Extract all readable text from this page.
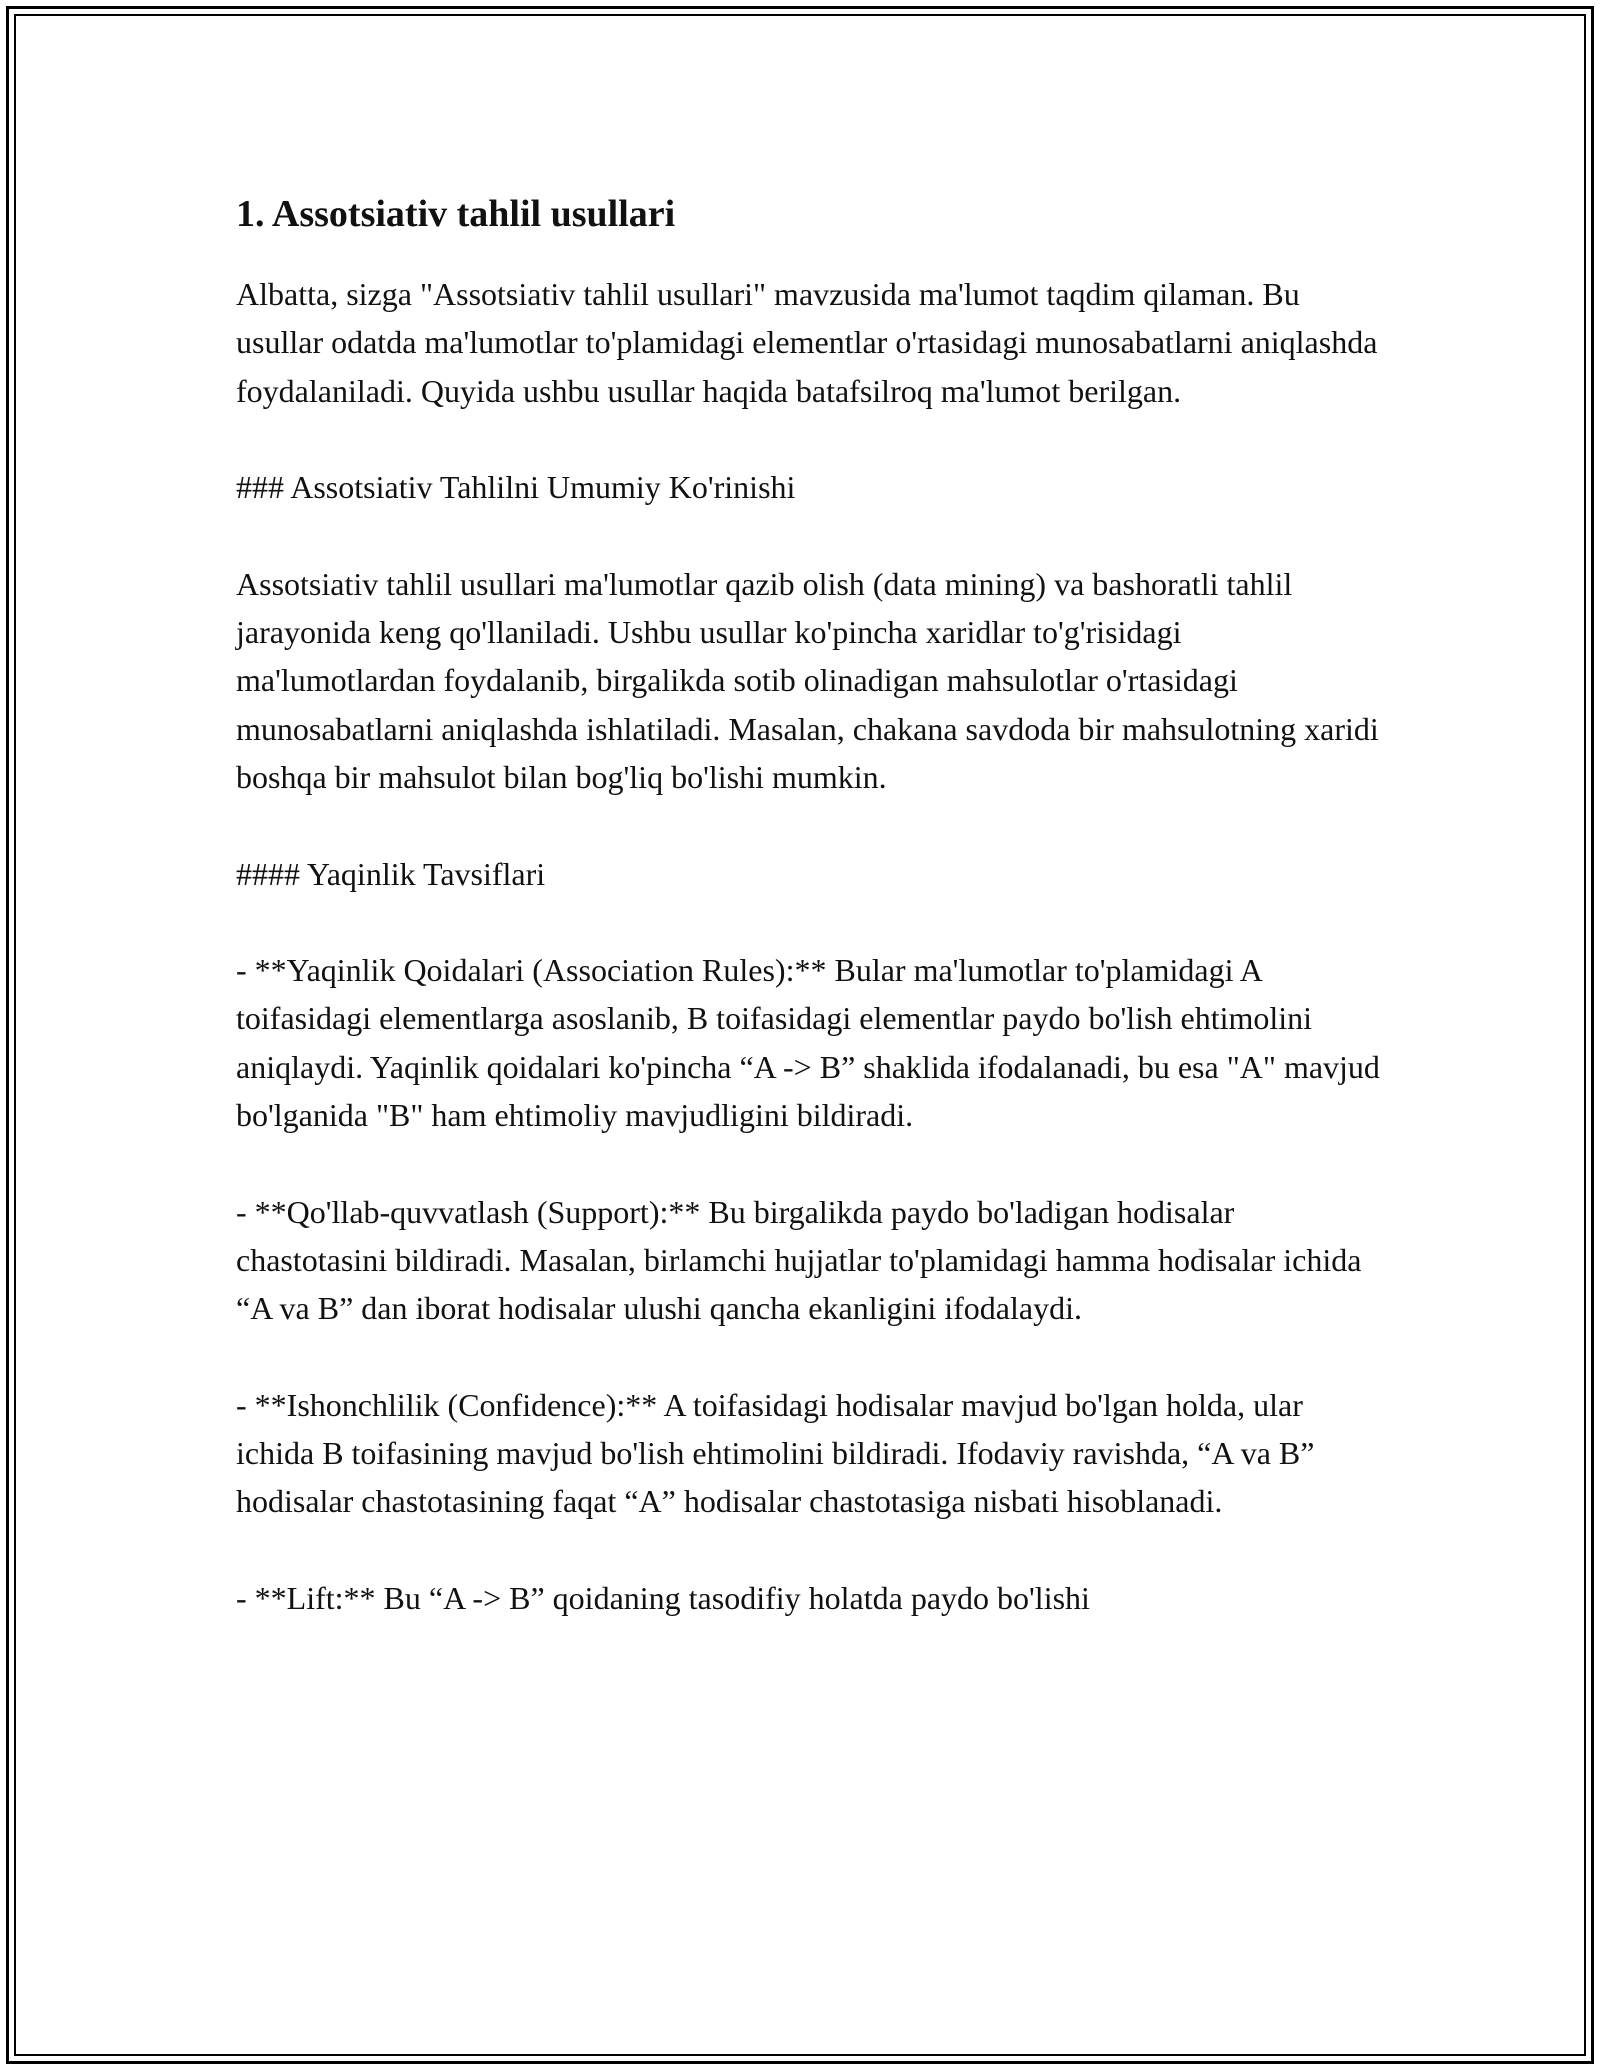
1. Assotsiativ tahlil usullari

Albatta, sizga "Assotsiativ tahlil usullari" mavzusida ma'lumot taqdim qilaman. Bu usullar odatda ma'lumotlar to'plamidagi elementlar o'rtasidagi munosabatlarni aniqlashda foydalaniladi. Quyida ushbu usullar haqida batafsilroq ma'lumot berilgan.

### Assotsiativ Tahlilni Umumiy Ko'rinishi

Assotsiativ tahlil usullari ma'lumotlar qazib olish (data mining) va bashoratli tahlil jarayonida keng qo'llaniladi. Ushbu usullar ko'pincha xaridlar to'g'risidagi ma'lumotlardan foydalanib, birgalikda sotib olinadigan mahsulotlar o'rtasidagi munosabatlarni aniqlashda ishlatiladi. Masalan, chakana savdoda bir mahsulotning xaridi boshqa bir mahsulot bilan bog'liq bo'lishi mumkin.

#### Yaqinlik Tavsiflari

- **Yaqinlik Qoidalari (Association Rules):** Bular ma'lumotlar to'plamidagi A toifasidagi elementlarga asoslanib, B toifasidagi elementlar paydo bo'lish ehtimolini aniqlaydi. Yaqinlik qoidalari ko'pincha “A -> B” shaklida ifodalanadi, bu esa "A" mavjud bo'lganida "B" ham ehtimoliy mavjudligini bildiradi.

- **Qo'llab-quvvatlash (Support):** Bu birgalikda paydo bo'ladigan hodisalar chastotasini bildiradi. Masalan, birlamchi hujjatlar to'plamidagi hamma hodisalar ichida “A va B” dan iborat hodisalar ulushi qancha ekanligini ifodalaydi.

- **Ishonchlilik (Confidence):** A toifasidagi hodisalar mavjud bo'lgan holda, ular ichida B toifasining mavjud bo'lish ehtimolini bildiradi. Ifodaviy ravishda, “A va B” hodisalar chastotasining faqat “A” hodisalar chastotasiga nisbati hisoblanadi.

- **Lift:** Bu “A -> B” qoidaning tasodifiy holatda paydo bo'lishi
